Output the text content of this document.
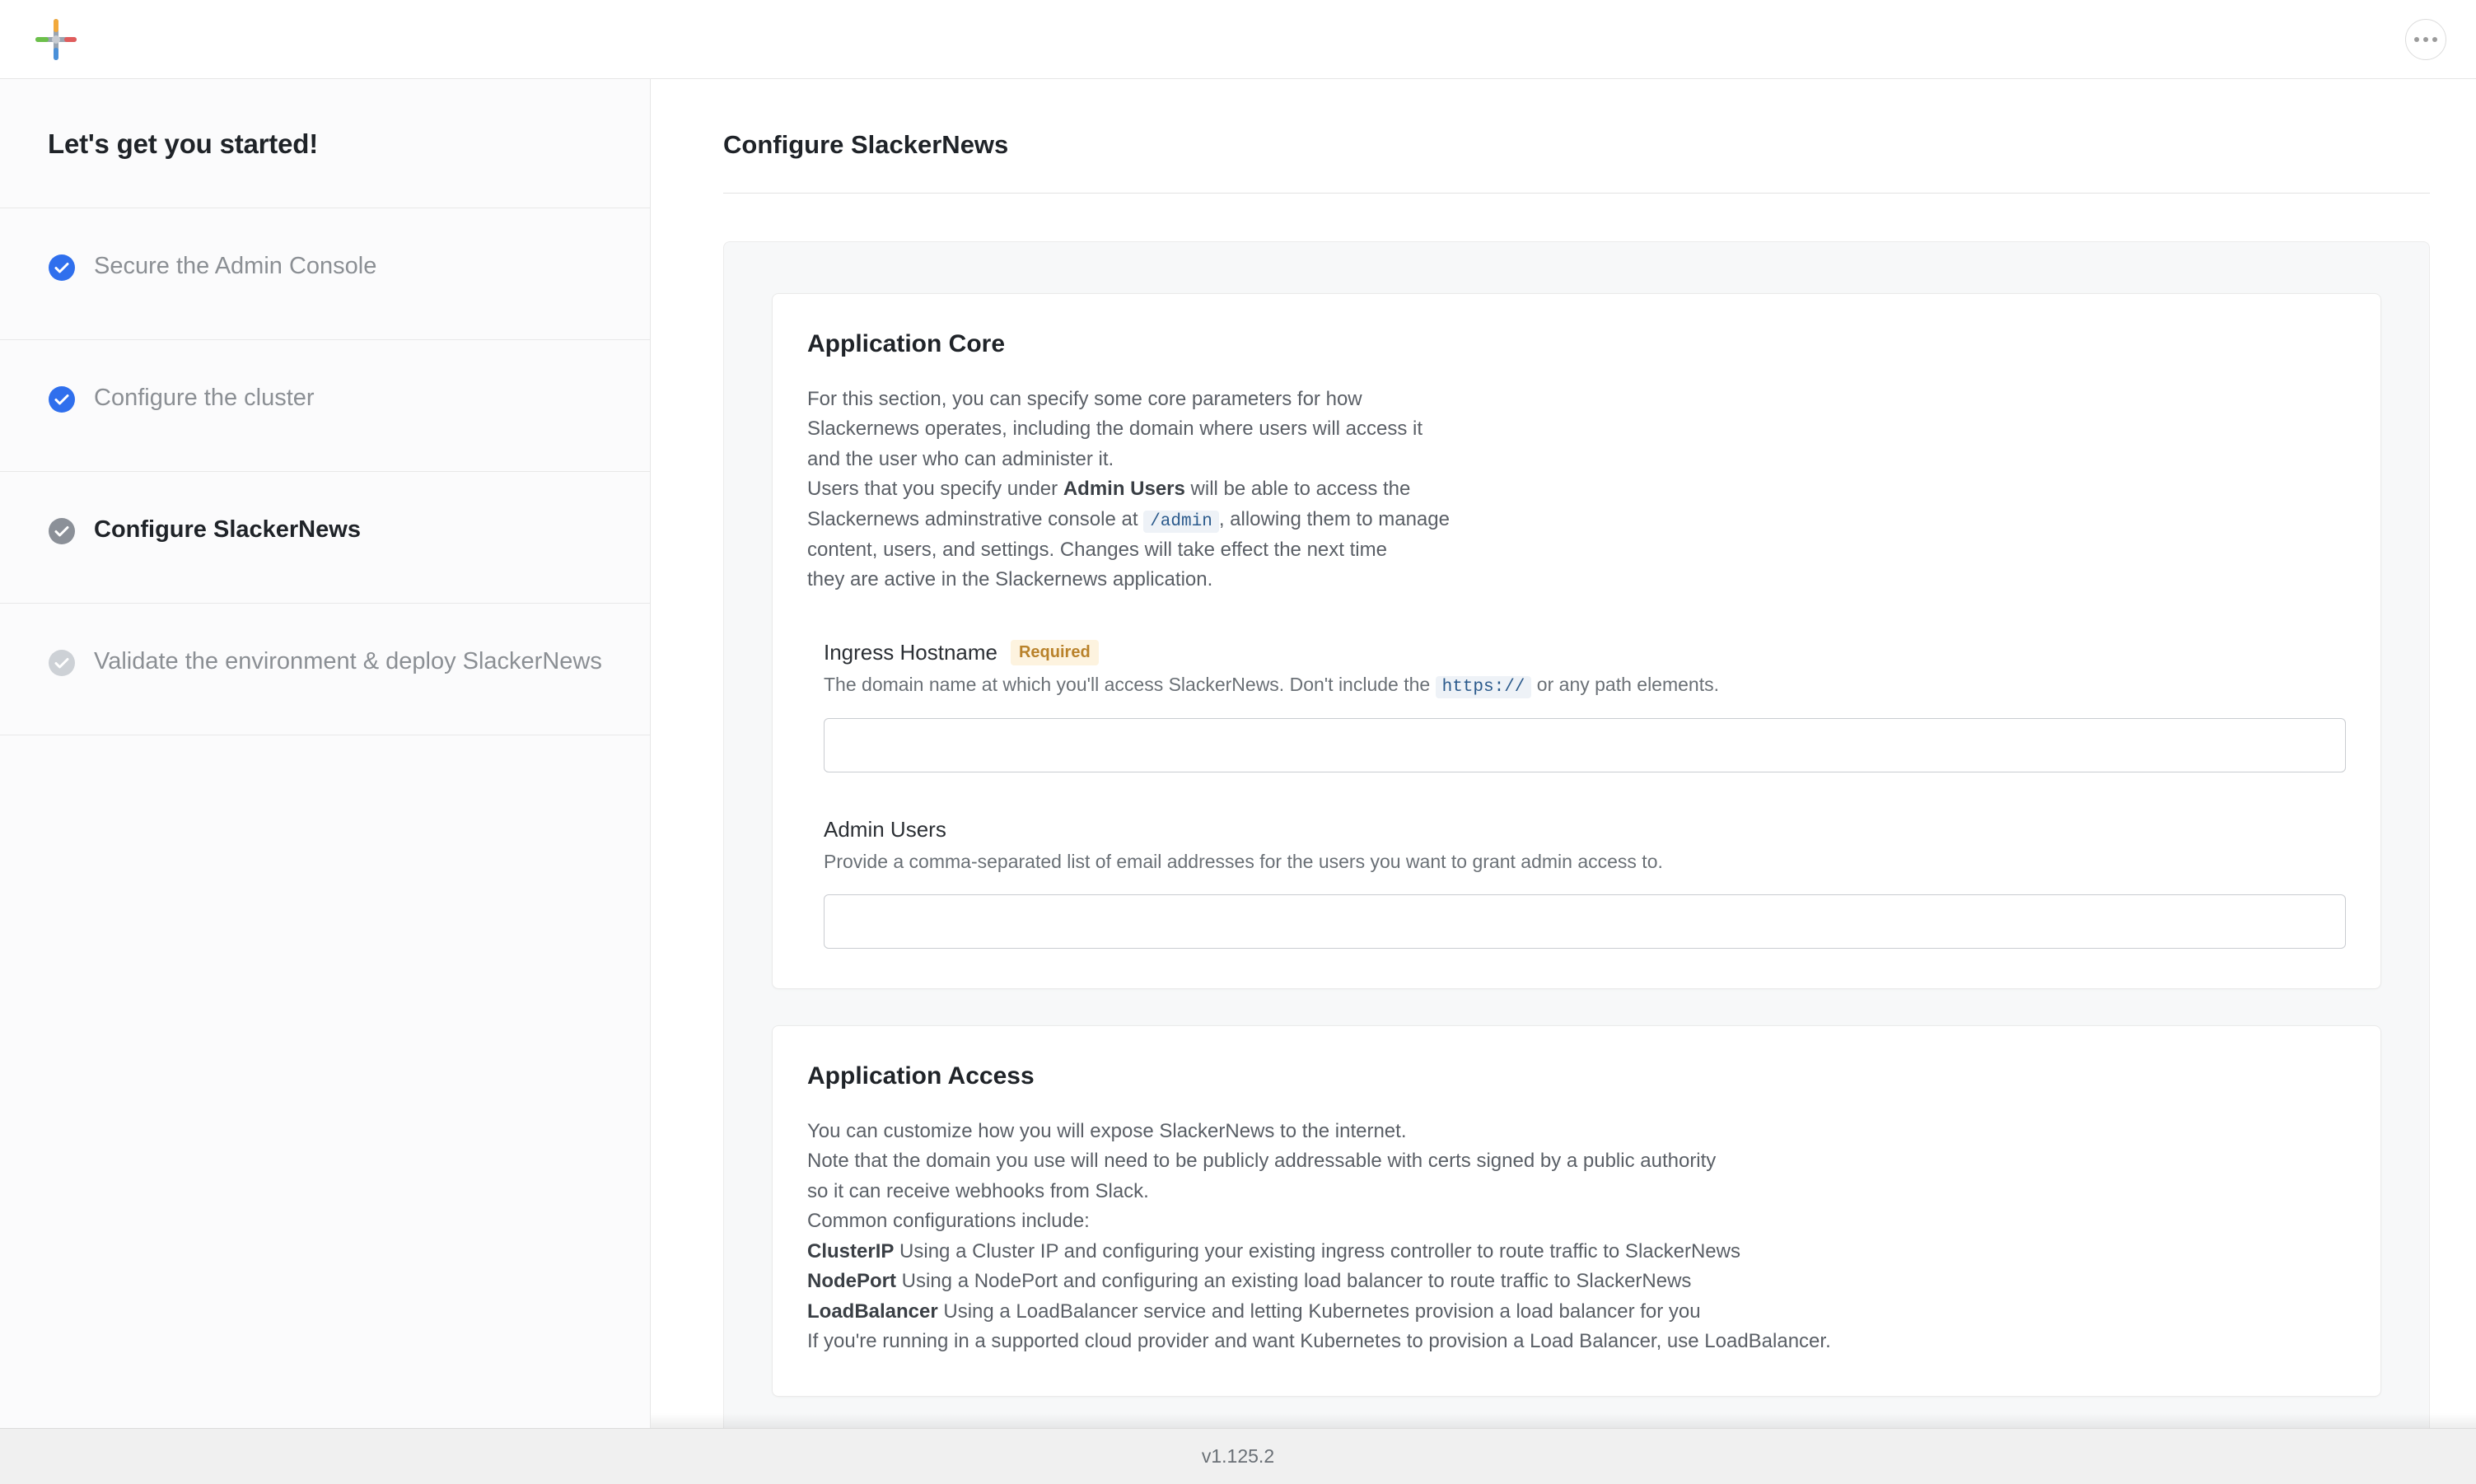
Let's get you started!
Secure the Admin Console
Configure the cluster
Configure SlackerNews
Validate the environment & deploy SlackerNews
Configure SlackerNews
Application Core

For this section, you can specify some core parameters for how
Slackernews operates, including the domain where users will access it
and the user who can administer it.
Users that you specify under Admin Users will be able to access the
Slackernews adminstrative console at /admin , allowing them to manage
content, users, and settings. Changes will take effect the next time
they are active in the Slackernews application.

Ingress Hostname	Required
The domain name at which you'll access SlackerNews. Don't include the https:// or any path elements.
Admin Users
Provide a comma-separated list of email addresses for the users you want to grant admin access to.
Application Access

You can customize how you will expose SlackerNews to the internet.
Note that the domain you use will need to be publicly addressable with certs signed by a public authority
so it can receive webhooks from Slack.
Common configurations include:
ClusterIP Using a Cluster IP and configuring your existing ingress controller to route traffic to SlackerNews
NodePort Using a NodePort and configuring an existing load balancer to route traffic to SlackerNews
LoadBalancer Using a LoadBalancer service and letting Kubernetes provision a load balancer for you
If you're running in a supported cloud provider and want Kubernetes to provision a Load Balancer, use LoadBalancer.

v1.125.2
